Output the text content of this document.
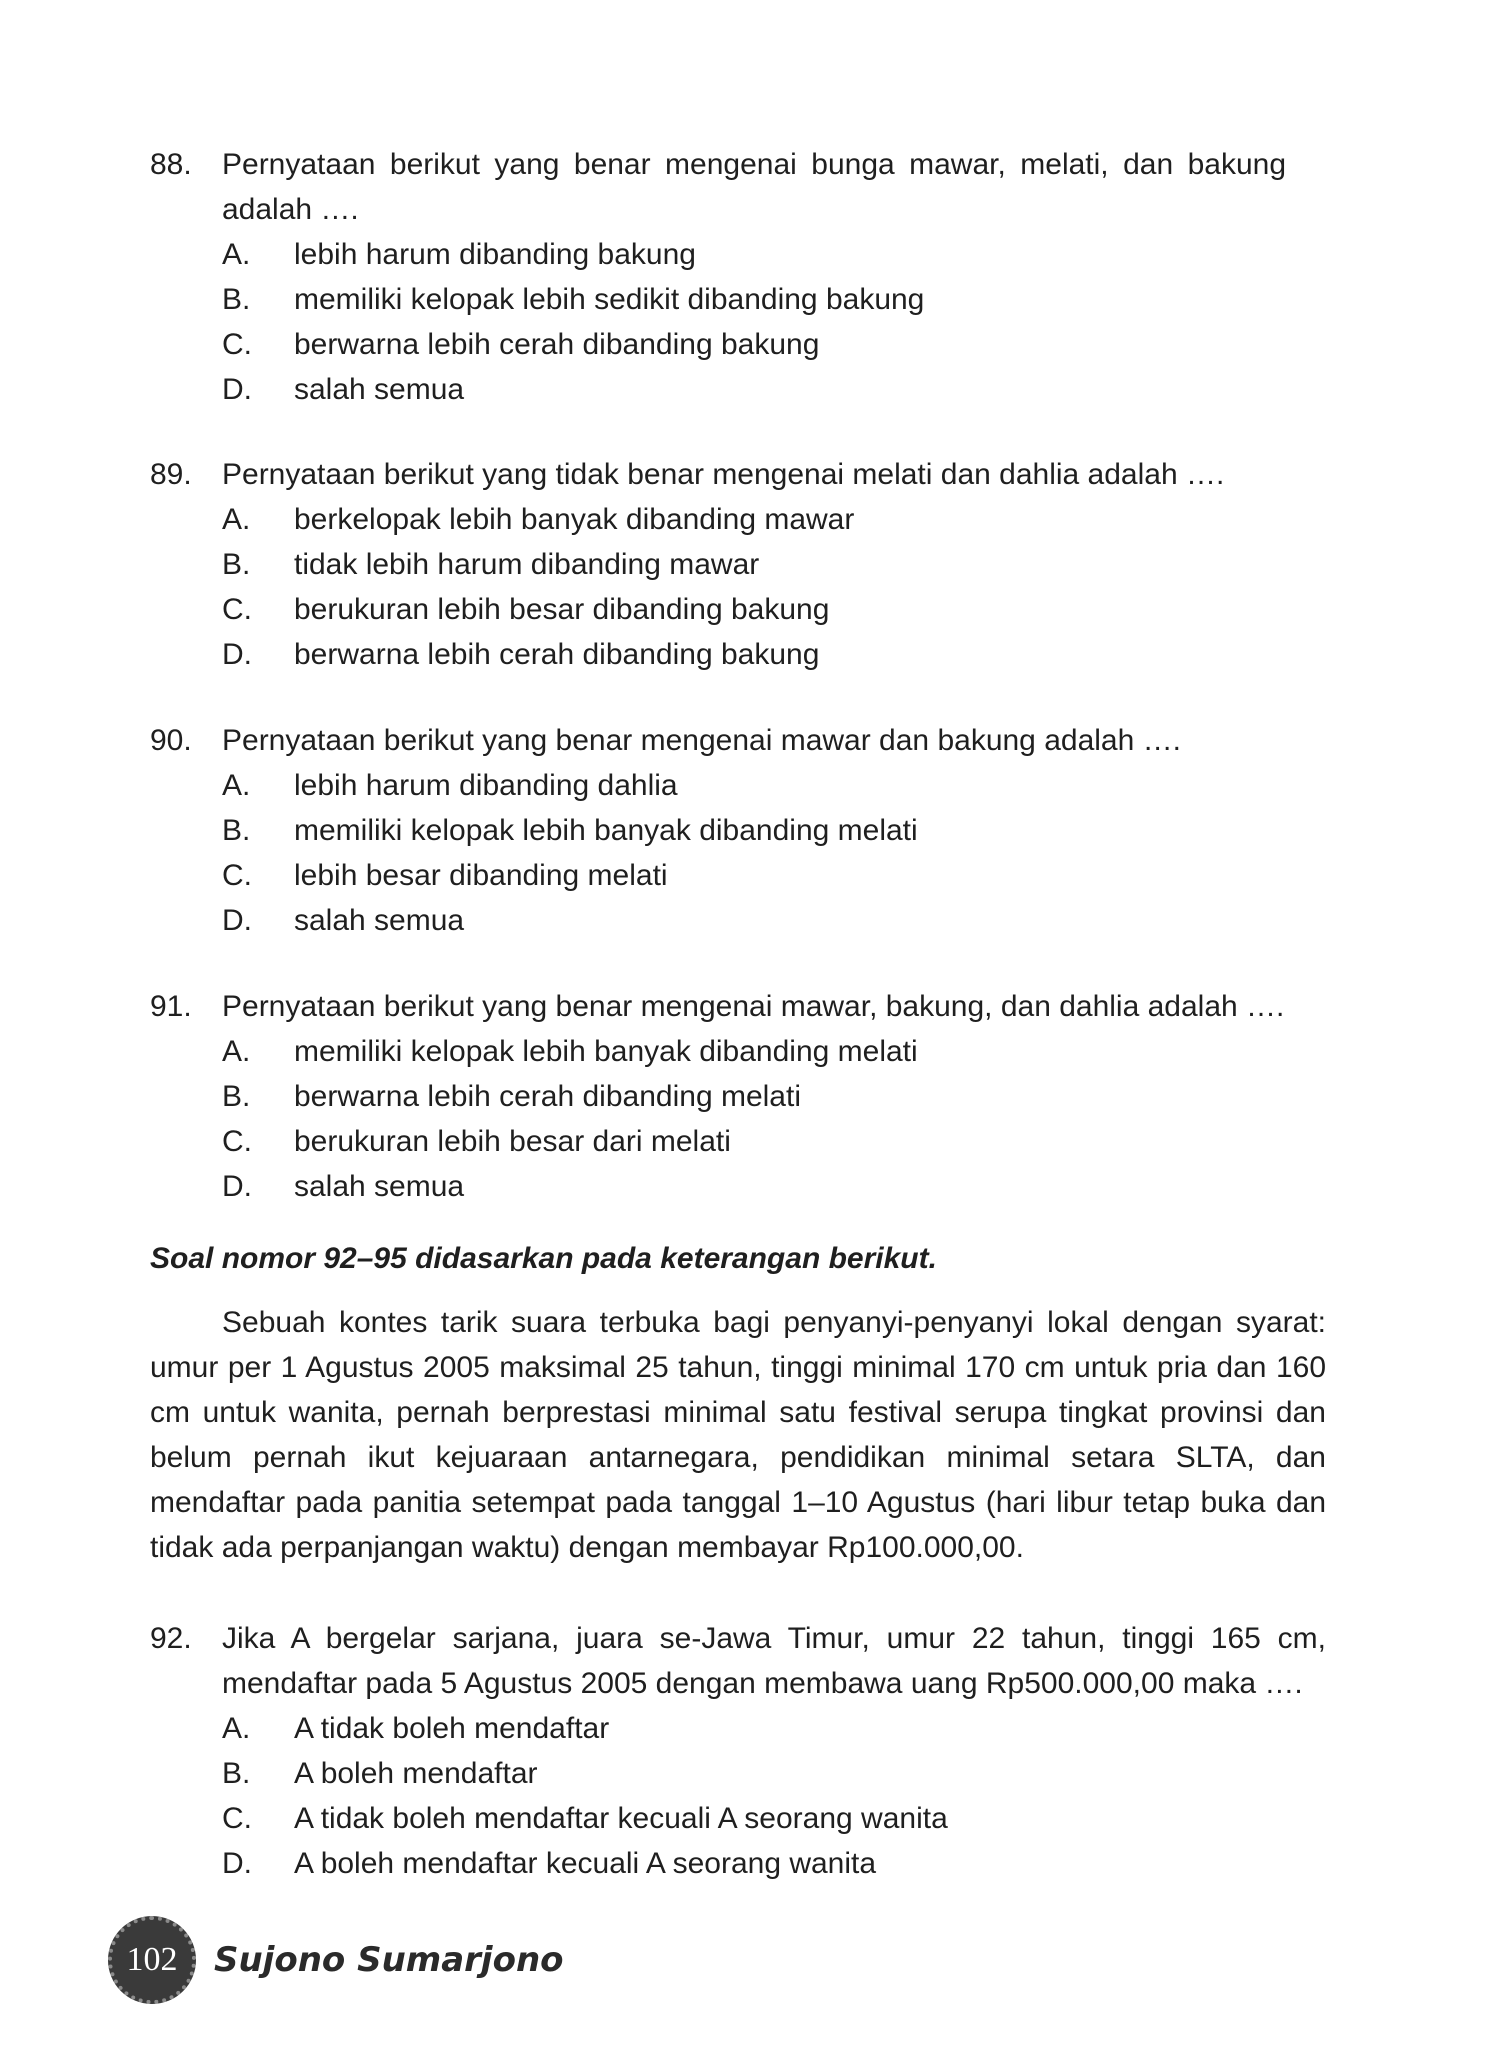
88.	Pernyataan berikut yang benar mengenai bunga mawar, melati, dan bakung adalah ….
A.	lebih harum dibanding bakung
B.	memiliki kelopak lebih sedikit dibanding bakung
C.	berwarna lebih cerah dibanding bakung
D.	salah semua
89.	Pernyataan berikut yang tidak benar mengenai melati dan dahlia adalah ….
A.	berkelopak lebih banyak dibanding mawar
B.	tidak lebih harum dibanding mawar
C.	berukuran lebih besar dibanding bakung
D.	berwarna lebih cerah dibanding bakung
90.	Pernyataan berikut yang benar mengenai mawar dan bakung adalah ….
A.	lebih harum dibanding dahlia
B.	memiliki kelopak lebih banyak dibanding melati
C.	lebih besar dibanding melati
D.	salah semua
91.	Pernyataan berikut yang benar mengenai mawar, bakung, dan dahlia adalah ….
A.	memiliki kelopak lebih banyak dibanding melati
B.	berwarna lebih cerah dibanding melati
C.	berukuran lebih besar dari melati
D.	salah semua
Soal nomor 92–95 didasarkan pada keterangan berikut.
Sebuah kontes tarik suara terbuka bagi penyanyi-penyanyi lokal dengan syarat: umur per 1 Agustus 2005 maksimal 25 tahun, tinggi minimal 170 cm untuk pria dan 160 cm untuk wanita, pernah berprestasi minimal satu festival serupa tingkat provinsi dan belum pernah ikut kejuaraan antarnegara, pendidikan minimal setara SLTA, dan mendaftar pada panitia setempat pada tanggal 1–10 Agustus (hari libur tetap buka dan tidak ada perpanjangan waktu) dengan membayar Rp100.000,00.
92.	Jika A bergelar sarjana, juara se-Jawa Timur, umur 22 tahun, tinggi 165 cm, mendaftar pada 5 Agustus 2005 dengan membawa uang Rp500.000,00 maka ….
A.	A tidak boleh mendaftar
B.	A boleh mendaftar
C.	A tidak boleh mendaftar kecuali A seorang wanita
D.	A boleh mendaftar kecuali A seorang wanita
102 Sujono Sumarjono
